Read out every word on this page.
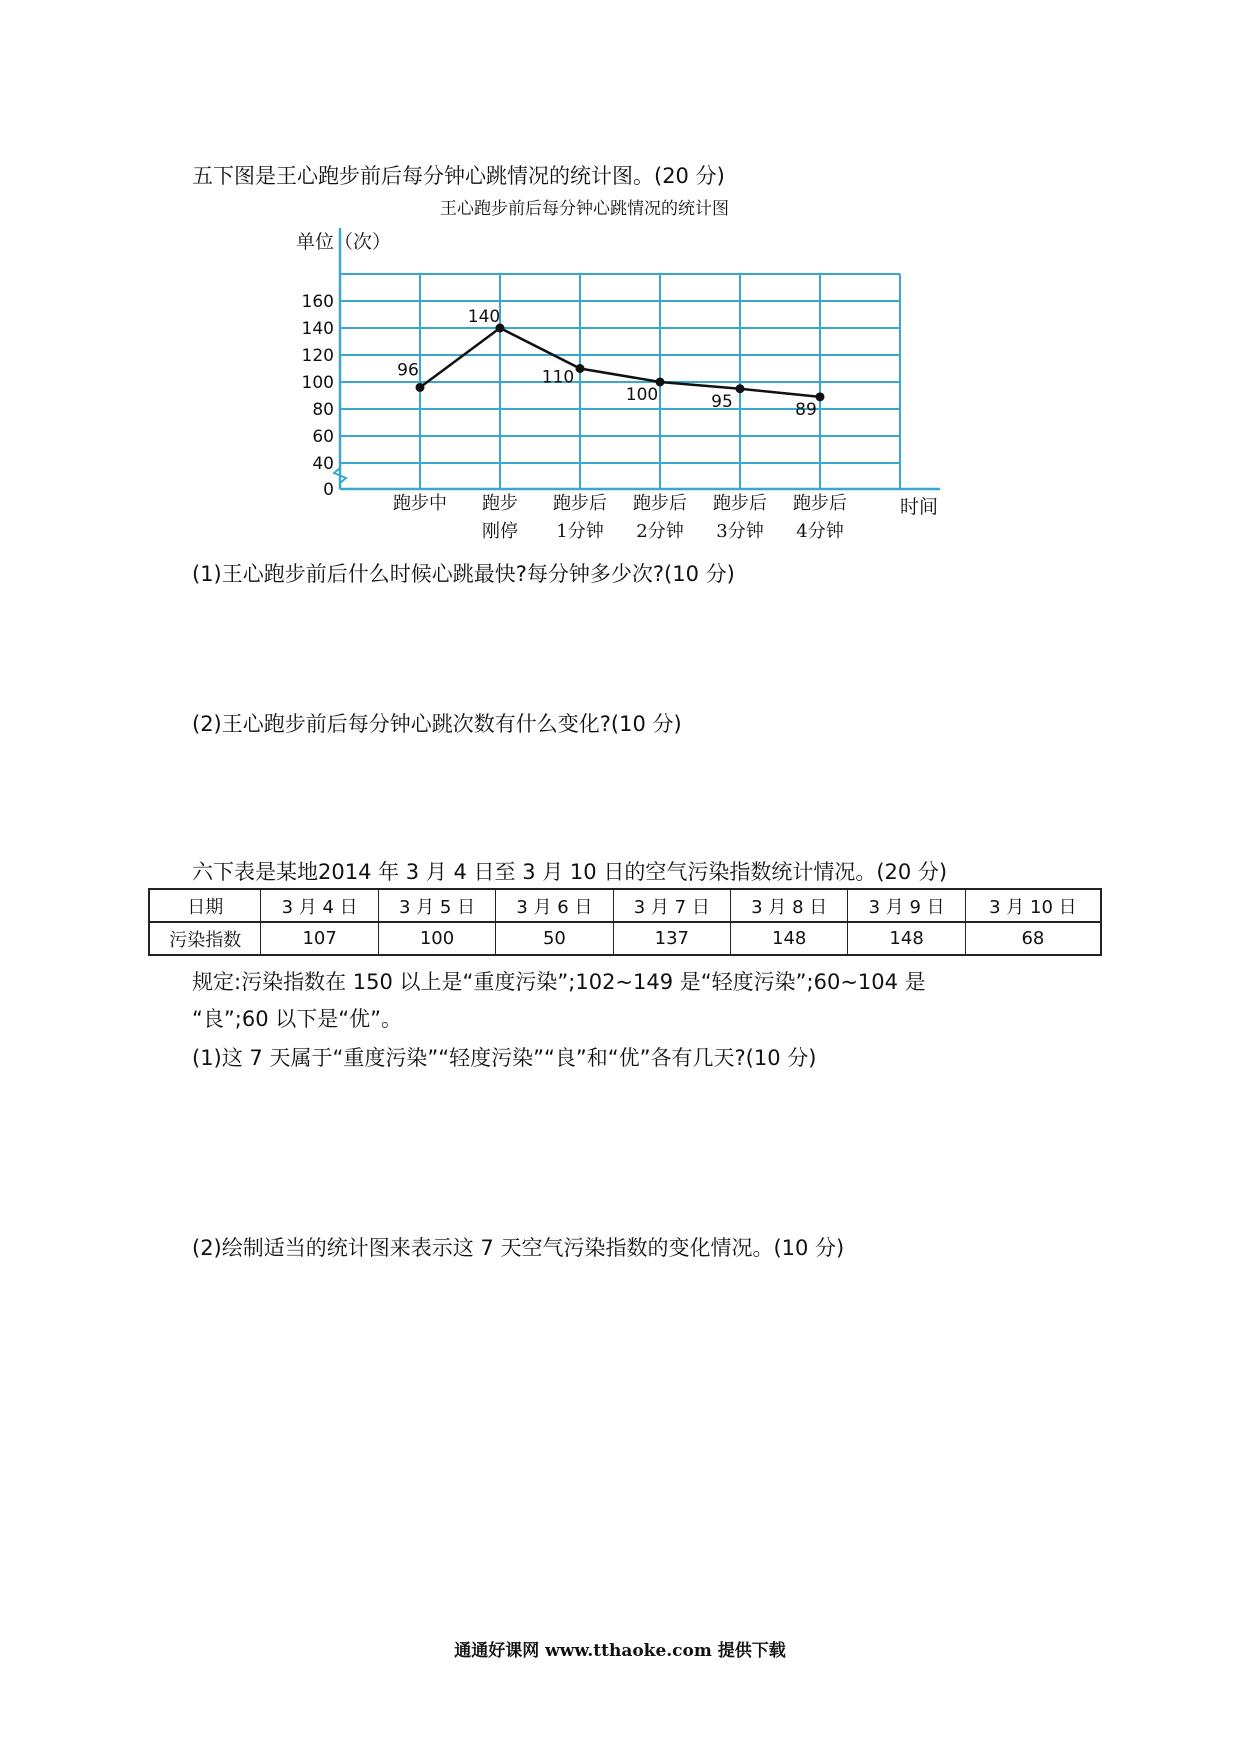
五下图是王心跑步前后每分钟心跳情况的统计图。(20 分)
王心跑步前后每分钟心跳情况的统计图
0
40
60
80
100
120
140
160
跑步中 跑步
刚停
跑步后
1分钟
跑步后
2分钟
跑步后
3分钟
跑步后
4分钟
96
140
110
100	95	89
单位（次）
时间
(1)王心跑步前后什么时候心跳最快?每分钟多少次?(10 分)
(2)王心跑步前后每分钟心跳次数有什么变化?(10 分)
六下表是某地2014 年 3 月 4 日至 3 月 10 日的空气污染指数统计情况。(20 分)
日期	3 月 4 日	3 月 5 日	3 月 6 日	3 月 7 日	3 月 8 日	3 月 9 日	3 月 10 日
污染指数	107	100	50	137	148	148	68
规定:污染指数在 150 以上是“重度污染”;102~149 是“轻度污染”;60~104 是
“良”;60 以下是“优”。
(1)这 7 天属于“重度污染”“轻度污染”“良”和“优”各有几天?(10 分)
(2)绘制适当的统计图来表示这 7 天空气污染指数的变化情况。(10 分)
通通好课网 www.tthaoke.com 提供下载
